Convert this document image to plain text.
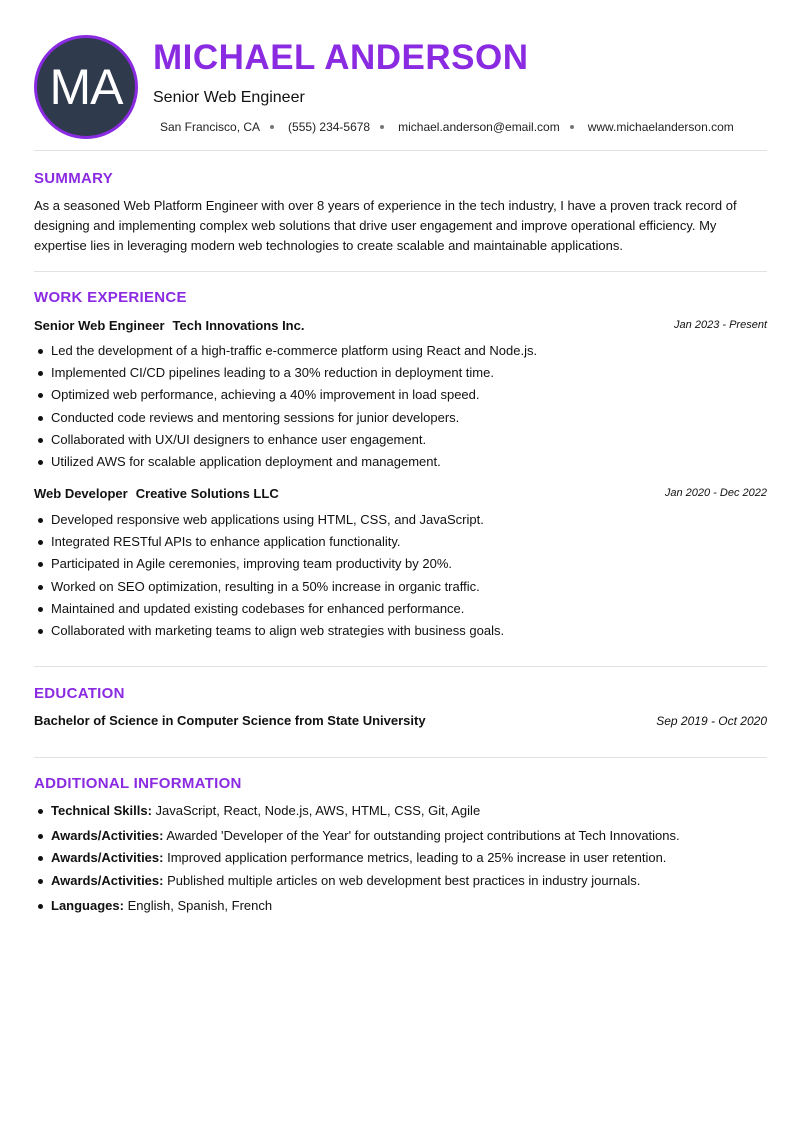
MA
MICHAEL ANDERSON
Senior Web Engineer
San Francisco, CA (555) 234-5678 michael.anderson@email.com www.michaelanderson.com
SUMMARY
As a seasoned Web Platform Engineer with over 8 years of experience in the tech industry, I have a proven track record of designing and implementing complex web solutions that drive user engagement and improve operational efficiency. My expertise lies in leveraging modern web technologies to create scalable and maintainable applications.
WORK EXPERIENCE
Senior Web Engineer Tech Innovations Inc.	Jan 2023 - Present
Led the development of a high-traffic e-commerce platform using React and Node.js.
Implemented CI/CD pipelines leading to a 30% reduction in deployment time.
Optimized web performance, achieving a 40% improvement in load speed.
Conducted code reviews and mentoring sessions for junior developers.
Collaborated with UX/UI designers to enhance user engagement.
Utilized AWS for scalable application deployment and management.
Web Developer Creative Solutions LLC	Jan 2020 - Dec 2022
Developed responsive web applications using HTML, CSS, and JavaScript.
Integrated RESTful APIs to enhance application functionality.
Participated in Agile ceremonies, improving team productivity by 20%.
Worked on SEO optimization, resulting in a 50% increase in organic traffic.
Maintained and updated existing codebases for enhanced performance.
Collaborated with marketing teams to align web strategies with business goals.
EDUCATION
Bachelor of Science in Computer Science from State University	Sep 2019 - Oct 2020
ADDITIONAL INFORMATION
Technical Skills: JavaScript, React, Node.js, AWS, HTML, CSS, Git, Agile
Awards/Activities: Awarded 'Developer of the Year' for outstanding project contributions at Tech Innovations.
Awards/Activities: Improved application performance metrics, leading to a 25% increase in user retention.
Awards/Activities: Published multiple articles on web development best practices in industry journals.
Languages: English, Spanish, French
